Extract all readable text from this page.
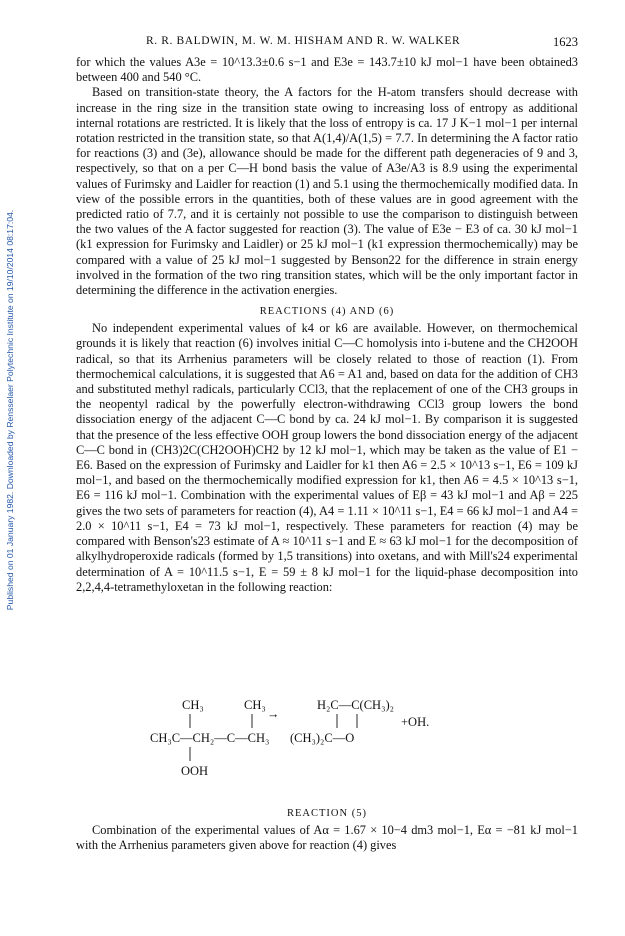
Published on 01 January 1982. Downloaded by Rensselaer Polytechnic Institute on 19/10/2014 08:17:04.
R. R. BALDWIN, M. W. M. HISHAM AND R. W. WALKER	1623

for which the values A3e = 10^13.3±0.6 s−1 and E3e = 143.7±10 kJ mol−1 have been obtained3 between 400 and 540 °C.

Based on transition-state theory, the A factors for the H-atom transfers should decrease with increase in the ring size in the transition state owing to increasing loss of entropy as additional internal rotations are restricted. It is likely that the loss of entropy is ca. 17 J K−1 mol−1 per internal rotation restricted in the transition state, so that A(1,4)/A(1,5) = 7.7. In determining the A factor ratio for reactions (3) and (3e), allowance should be made for the different path degeneracies of 9 and 3, respectively, so that on a per C—H bond basis the value of A3e/A3 is 8.9 using the experimental values of Furimsky and Laidler for reaction (1) and 5.1 using the thermochemically modified data. In view of the possible errors in the quantities, both of these values are in good agreement with the predicted ratio of 7.7, and it is certainly not possible to use the comparison to distinguish between the two values of the A factor suggested for reaction (3). The value of E3e − E3 of ca. 30 kJ mol−1 (k1 expression for Furimsky and Laidler) or 25 kJ mol−1 (k1 expression thermochemically) may be compared with a value of 25 kJ mol−1 suggested by Benson22 for the difference in strain energy involved in the formation of the two ring transition states, which will be the only important factor in determining the difference in the activation energies.

REACTIONS (4) AND (6)

No independent experimental values of k4 or k6 are available. However, on thermochemical grounds it is likely that reaction (6) involves initial C—C homolysis into i-butene and the CH2OOH radical, so that its Arrhenius parameters will be closely related to those of reaction (1). From thermochemical calculations, it is suggested that A6 = A1 and, based on data for the addition of CH3 and substituted methyl radicals, particularly CCl3, that the replacement of one of the CH3 groups in the neopentyl radical by the powerfully electron-withdrawing CCl3 group lowers the bond dissociation energy of the adjacent C—C bond by ca. 24 kJ mol−1. By comparison it is suggested that the presence of the less effective OOH group lowers the bond dissociation energy of the adjacent C—C bond in (CH3)2C(CH2OOH)CH2 by 12 kJ mol−1, which may be taken as the value of E1 − E6. Based on the expression of Furimsky and Laidler for k1 then A6 = 2.5 × 10^13 s−1, E6 = 109 kJ mol−1, and based on the thermochemically modified expression for k1, then A6 = 4.5 × 10^13 s−1, E6 = 116 kJ mol−1. Combination with the experimental values of Eβ = 43 kJ mol−1 and Aβ = 225 gives the two sets of parameters for reaction (4), A4 = 1.11 × 10^11 s−1, E4 = 66 kJ mol−1 and A4 = 2.0 × 10^11 s−1, E4 = 73 kJ mol−1, respectively. These parameters for reaction (4) may be compared with Benson's23 estimate of A ≈ 10^11 s−1 and E ≈ 63 kJ mol−1 for the decomposition of alkylhydroperoxide radicals (formed by 1,5 transitions) into oxetans, and with Mill's24 experimental determination of A = 10^11.5 s−1, E = 59 ± 8 kJ mol−1 for the liquid-phase decomposition into 2,2,4,4-tetramethyloxetan in the following reaction:

CH₃	CH₃
→
CH₃C—CH₂—C—CH₃
OOH
H₂C—C(CH₃)₂
+OH.
(CH₃)₂C—O

REACTION (5)

Combination of the experimental values of Aα = 1.67 × 10−4 dm3 mol−1, Eα = −81 kJ mol−1 with the Arrhenius parameters given above for reaction (4) gives
